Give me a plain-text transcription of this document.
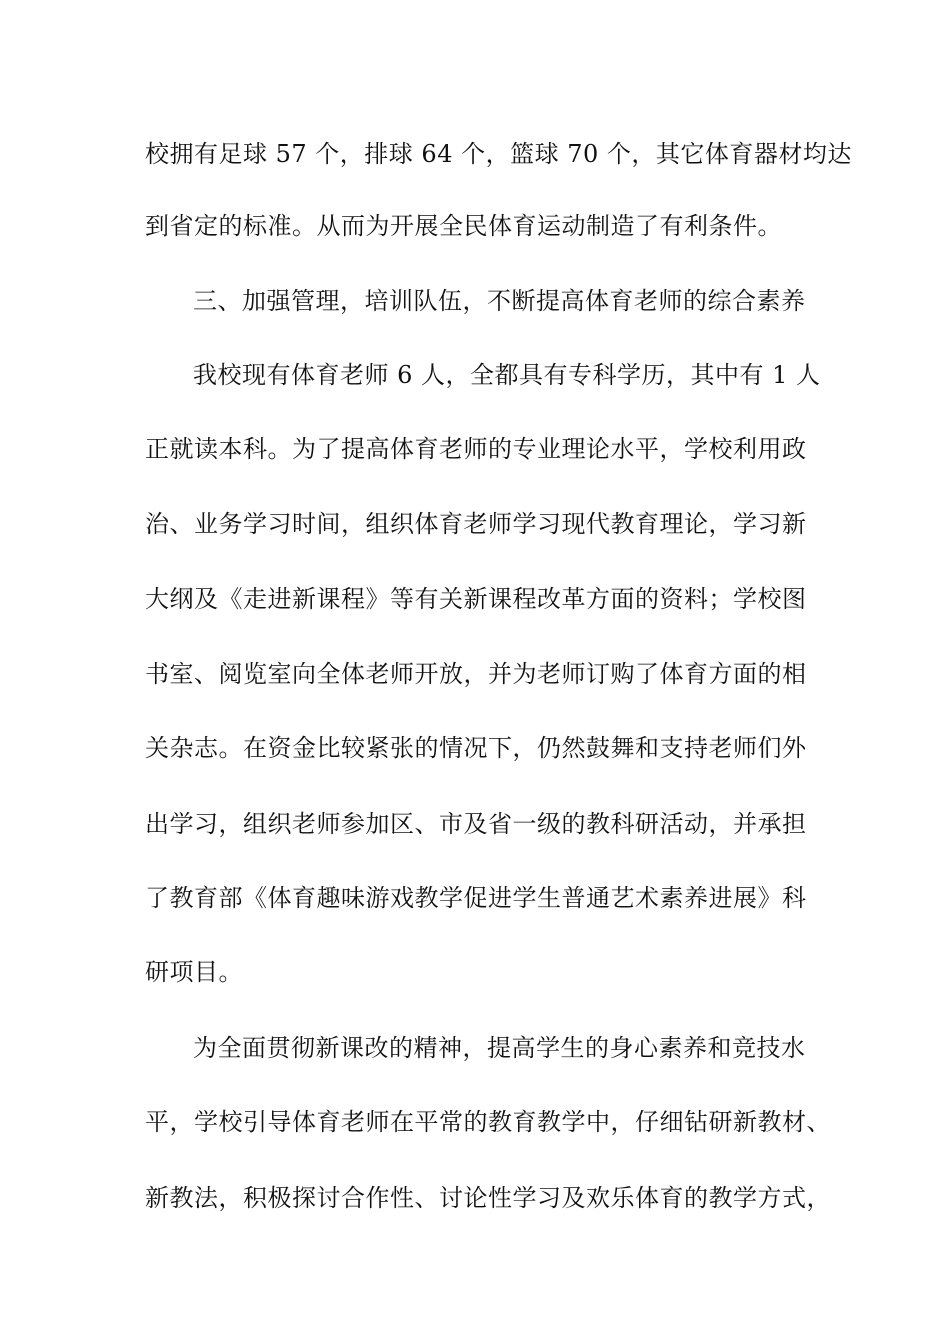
校拥有足球 57 个，排球 64 个，篮球 70 个，其它体育器材均达
到省定的标准。从而为开展全民体育运动制造了有利条件。
三、加强管理，培训队伍，不断提高体育老师的综合素养
我校现有体育老师 6 人，全都具有专科学历，其中有 1 人
正就读本科。为了提高体育老师的专业理论水平，学校利用政
治、业务学习时间，组织体育老师学习现代教育理论，学习新
大纲及《走进新课程》等有关新课程改革方面的资料；学校图
书室、阅览室向全体老师开放，并为老师订购了体育方面的相
关杂志。在资金比较紧张的情况下，仍然鼓舞和支持老师们外
出学习，组织老师参加区、市及省一级的教科研活动，并承担
了教育部《体育趣味游戏教学促进学生普通艺术素养进展》科
研项目。
为全面贯彻新课改的精神，提高学生的身心素养和竞技水
平，学校引导体育老师在平常的教育教学中，仔细钻研新教材、
新教法，积极探讨合作性、讨论性学习及欢乐体育的教学方式，
